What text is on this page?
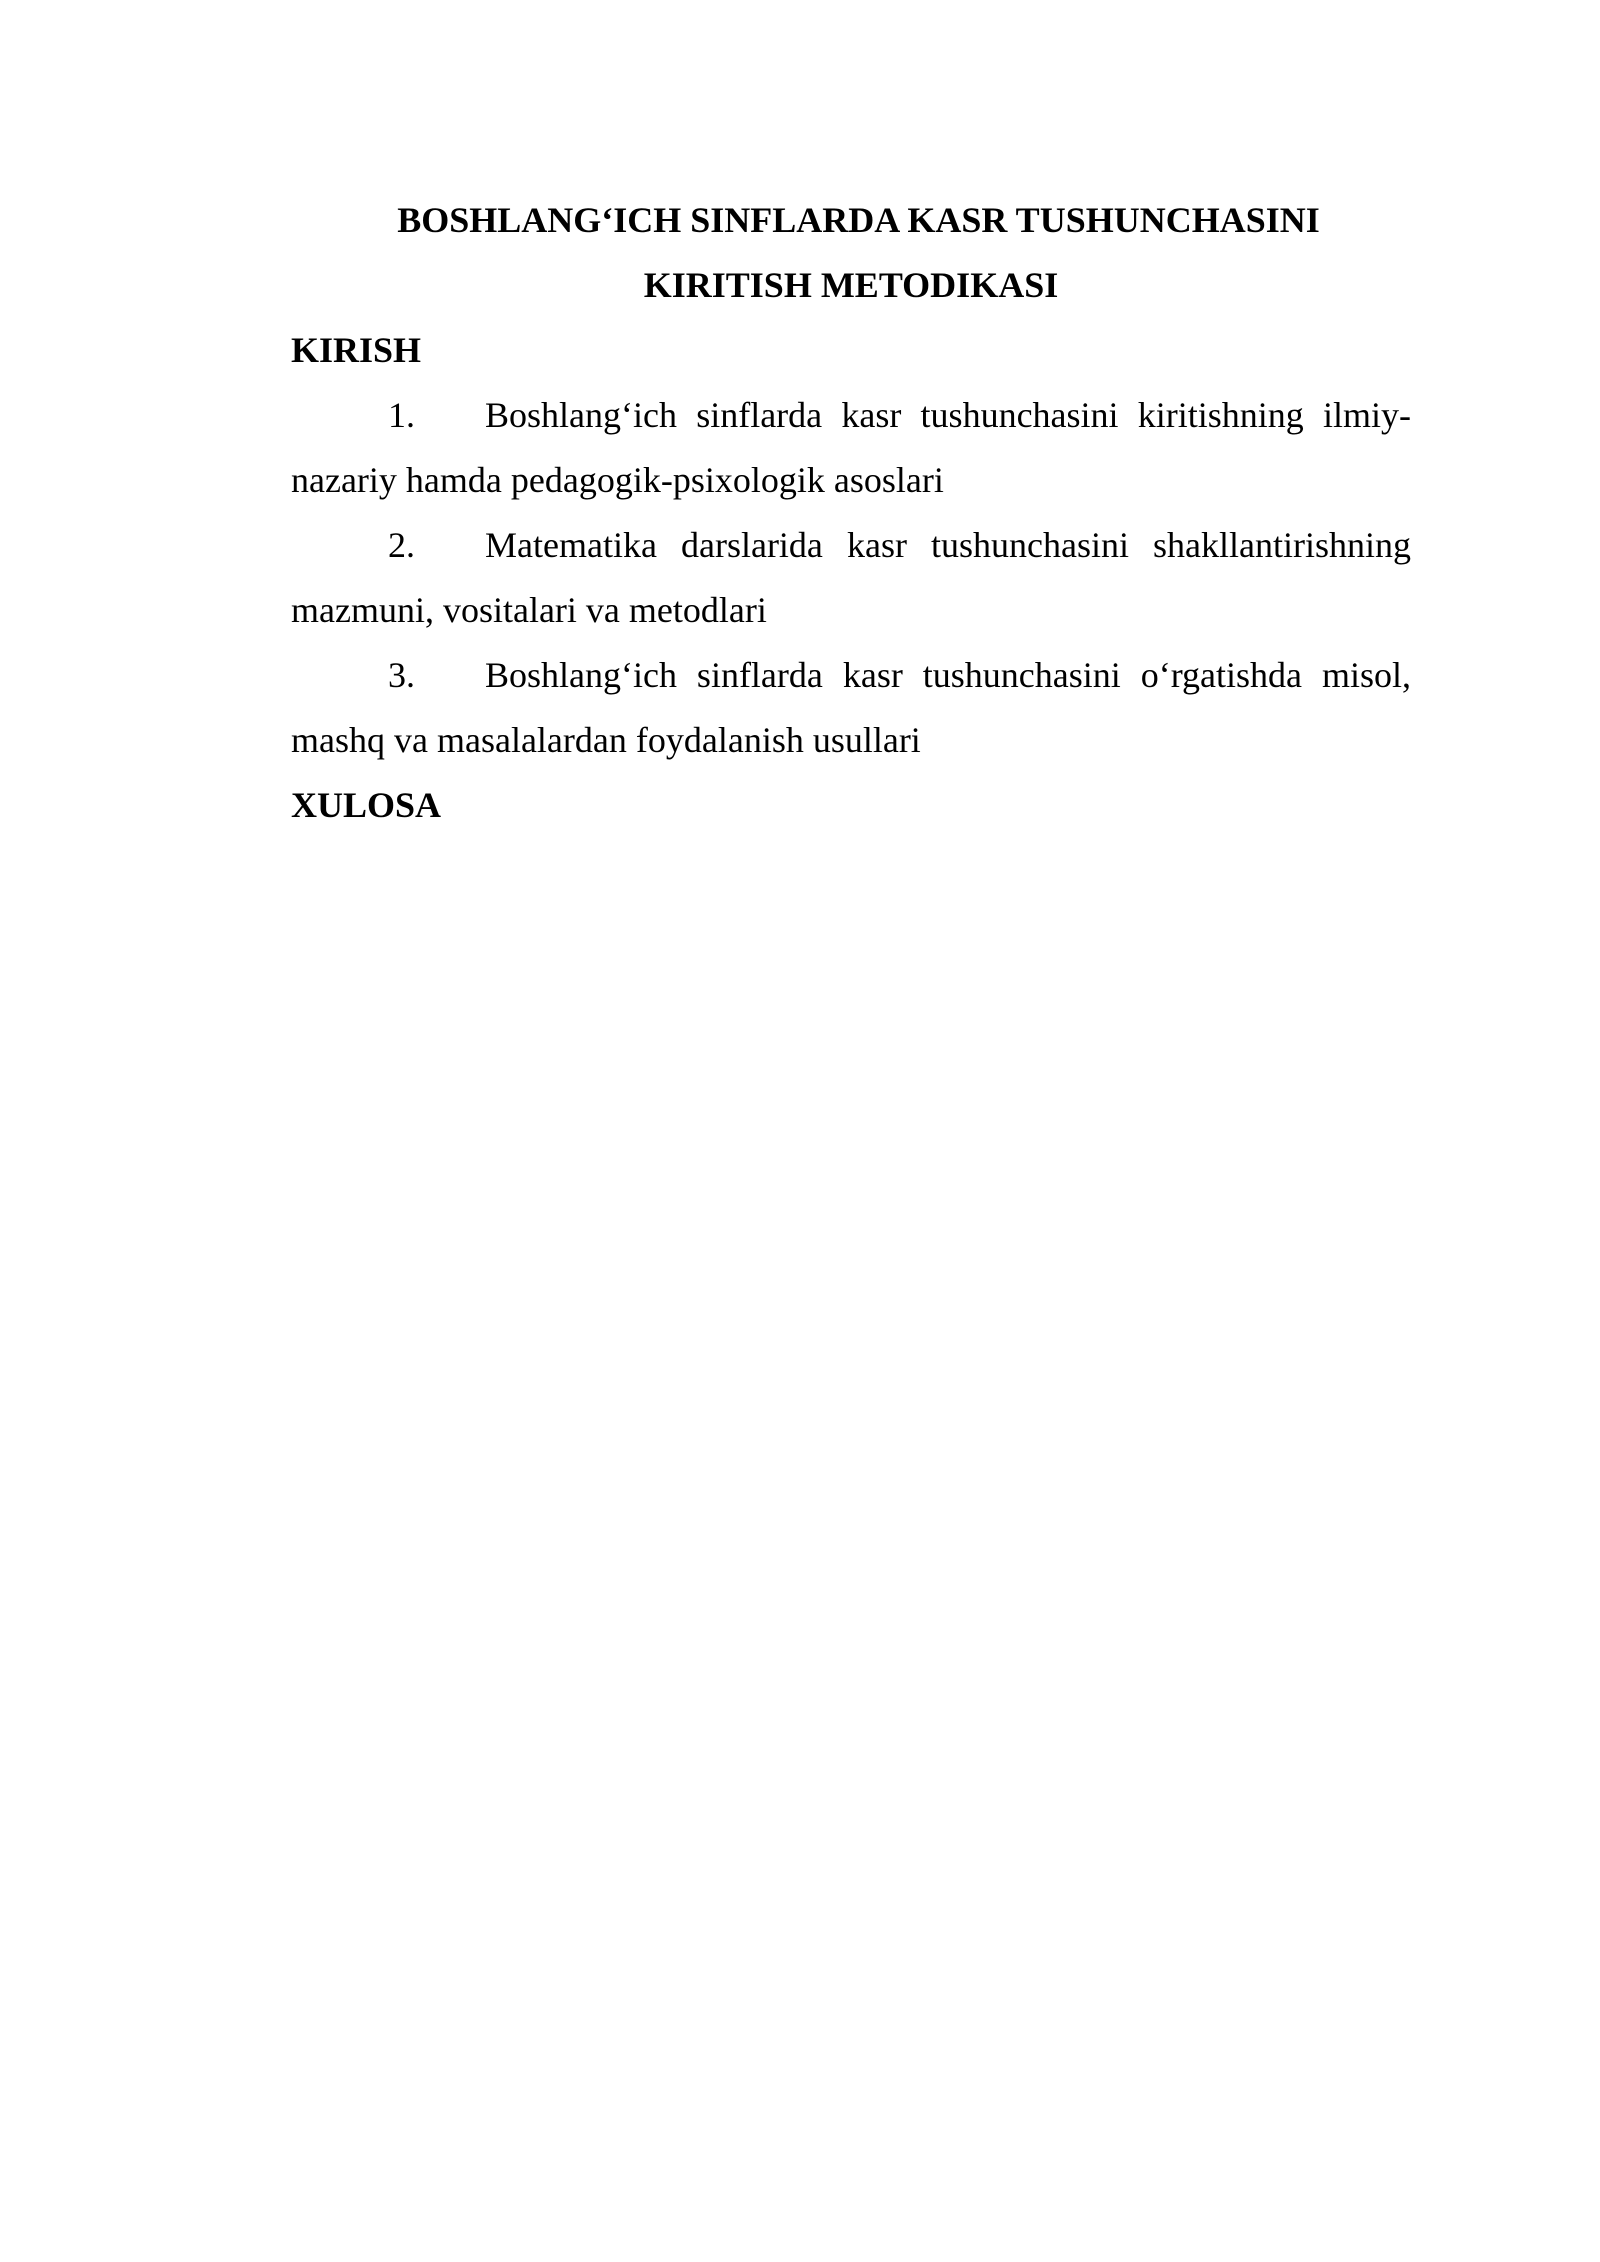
BOSHLANG‘ICH SINFLARDA KASR TUSHUNCHASINI

KIRITISH METODIKASI

KIRISH

1. Boshlang‘ich sinflarda kasr tushunchasini kiritishning ilmiy-nazariy hamda pedagogik-psixologik asoslari

2. Matematika darslarida kasr tushunchasini shakllantirishning mazmuni, vositalari va metodlari

3. Boshlang‘ich sinflarda kasr tushunchasini o‘rgatishda misol, mashq va masalalardan foydalanish usullari

XULOSA
